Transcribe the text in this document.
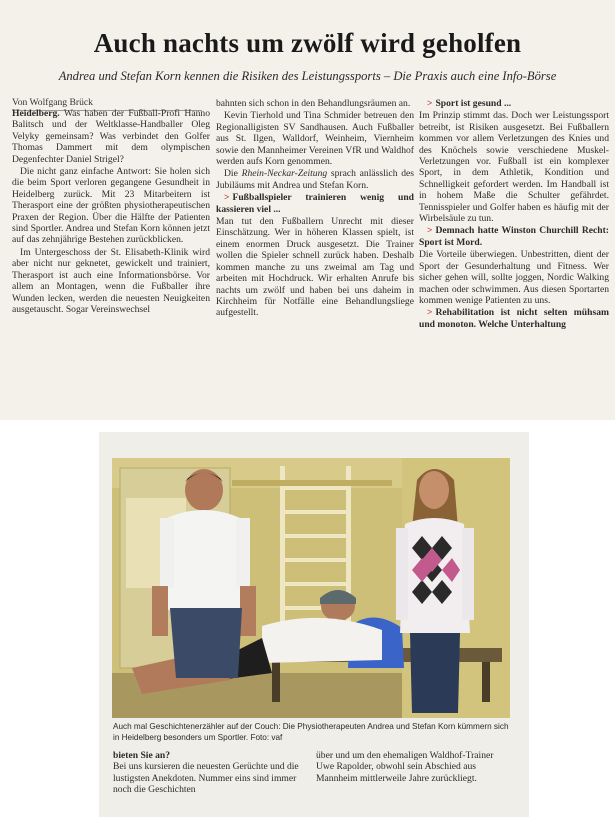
Auch nachts um zwölf wird geholfen
Andrea und Stefan Korn kennen die Risiken des Leistungssports – Die Praxis auch eine Info-Börse
Von Wolfgang Brück

Heidelberg. Was haben der Fußball-Profi Hanno Balitsch und der Weltklasse-Handballer Oleg Velyky gemeinsam? Was verbindet den Golfer Thomas Dammert mit dem olympischen Degenfechter Daniel Strigel?

Die nicht ganz einfache Antwort: Sie holen sich die beim Sport verloren gegangene Gesundheit in Heidelberg zurück. Mit 23 Mitarbeitern ist Therasport eine der größten physiotherapeutischen Praxen der Region. Über die Hälfte der Patienten sind Sportler. Andrea und Stefan Korn können jetzt auf das zehnjährige Bestehen zurückblicken.

Im Untergeschoss der St. Elisabeth-Klinik wird aber nicht nur geknetet, gewickelt und trainiert, Therasport ist auch eine Informationsbörse. Vor allem an Montagen, wenn die Fußballer ihre Wunden lecken, werden die neuesten Neuigkeiten ausgetauscht. Sogar Vereinswechsel

bahnten sich schon in den Behandlungsräumen an.

Kevin Tierhold und Tina Schmider betreuen den Regionalligisten SV Sandhausen. Auch Fußballer aus St. Ilgen, Walldorf, Weinheim, Viernheim sowie den Mannheimer Vereinen VfR und Waldhof werden aufs Korn genommen.

Die Rhein-Neckar-Zeitung sprach anlässlich des Jubiläums mit Andrea und Stefan Korn.

> Fußballspieler trainieren wenig und kassieren viel ...

Man tut den Fußballern Unrecht mit dieser Einschätzung. Wer in höheren Klassen spielt, ist einem enormen Druck ausgesetzt. Die Trainer wollen die Spieler schnell zurück haben. Deshalb kommen manche zu uns zweimal am Tag und arbeiten mit Hochdruck. Wir erhalten Anrufe bis nachts um zwölf und haben bei uns daheim in Kirchheim für Notfälle eine Behandlungsliege aufgestellt.

> Sport ist gesund ...

Im Prinzip stimmt das. Doch wer Leistungssport betreibt, ist Risiken ausgesetzt. Bei Fußballern kommen vor allem Verletzungen des Knies und des Knöchels sowie verschiedene Muskel-Verletzungen vor. Fußball ist ein komplexer Sport, in dem Athletik, Kondition und Schnelligkeit gefordert werden. Im Handball ist in hohem Maße die Schulter gefährdet. Tennisspieler und Golfer haben es häufig mit der Wirbelsäule zu tun.

> Demnach hatte Winston Churchill Recht: Sport ist Mord.

Die Vorteile überwiegen. Unbestritten, dient der Sport der Gesunderhaltung und Fitness. Wer sicher gehen will, sollte joggen, Nordic Walking machen oder schwimmen. Aus diesen Sportarten kommen wenige Patienten zu uns.

> Rehabilitation ist nicht selten mühsam und monoton. Welche Unterhaltung

Auch mal Geschichtenerzähler auf der Couch: Die Physiotherapeuten Andrea und Stefan Korn kümmern sich in Heidelberg besonders um Sportler. Foto: vaf

bieten Sie an?

Bei uns kursieren die neuesten Gerüchte und die lustigsten Anekdoten. Nummer eins sind immer noch die Geschichten

über und um den ehemaligen Waldhof-Trainer Uwe Rapolder, obwohl sein Abschied aus Mannheim mittlerweile Jahre zurückliegt.
